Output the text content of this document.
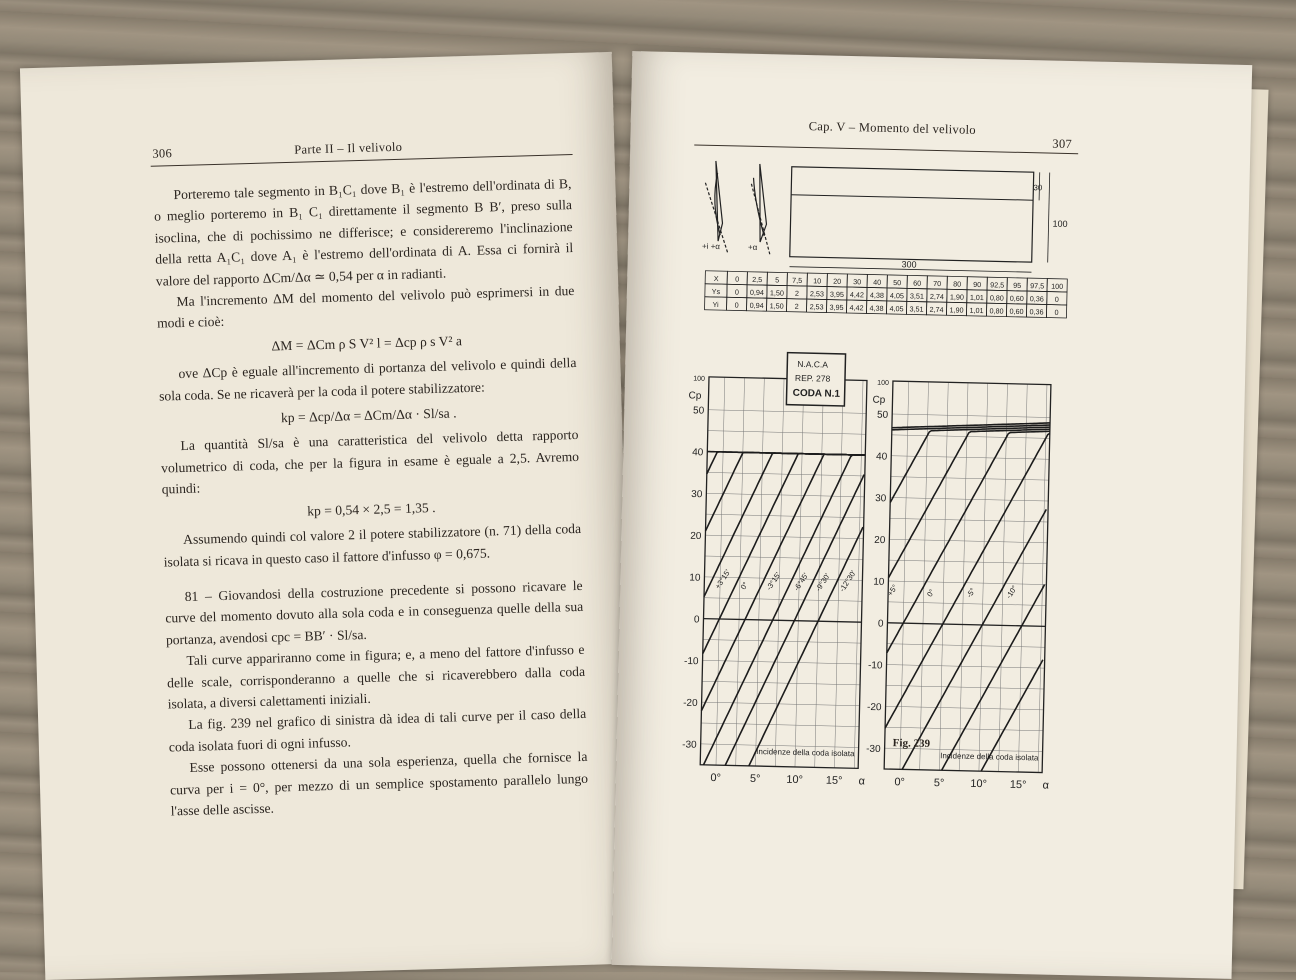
306	Parte II – Il velivolo

Porteremo tale segmento in B₁C₁ dove B₁ è l'estremo dell'ordinata di B, o meglio porteremo in B₁ C₁ direttamente il segmento B B′, preso sulla isoclina, che di pochissimo ne differisce; e considereremo l'inclinazione della retta A₁C₁ dove A₁ è l'estremo dell'ordinata di A. Essa ci fornirà il valore del rapporto ΔCm/Δα ≃ 0,54 per α in radianti.

Ma l'incremento ΔM del momento del velivolo può esprimersi in due modi e cioè:

ΔM = ΔCm ρ S V² l = Δcp ρ s V² a

ove ΔCp è eguale all'incremento di portanza del velivolo e quindi della sola coda. Se ne ricaverà per la coda il potere stabilizzatore:

kp = Δcp/Δα = ΔCm/Δα · Sl/sa .

La quantità Sl/sa è una caratteristica del velivolo detta rapporto volumetrico di coda, che per la figura in esame è eguale a 2,5. Avremo quindi:

kp = 0,54 × 2,5 = 1,35 .

Assumendo quindi col valore 2 il potere stabilizzatore (n. 71) della coda isolata si ricava in questo caso il fattore d'infusso φ = 0,675.

81 – Giovandosi della costruzione precedente si possono ricavare le curve del momento dovuto alla sola coda e in conseguenza quelle della sua portanza, avendosi cpc = BB′ · Sl/sa.

Tali curve appariranno come in figura; e, a meno del fattore d'infusso e delle scale, corrisponderanno a quelle che si ricaverebbero dalla coda isolata, a diversi calettamenti iniziali.

La fig. 239 nel grafico di sinistra dà idea di tali curve per il caso della coda isolata fuori di ogni infusso.

Esse possono ottenersi da una sola esperienza, quella che fornisce la curva per i = 0°, per mezzo di un semplice spostamento parallelo lungo l'asse delle ascisse.

Cap. V – Momento del velivolo
307
+i +α	+α
300
100
30
X 0 2,5 5 7,5 10 20 30 40 50 60 70 80 90 92,5 95 97,5 100
Ys 0 0,94 1,50 2 2,53 3,95 4,42 4,38 4,05 3,51 2,74 1,90 1,01 0,80 0,60 0,36 0
Yi 0 0,94 1,50 2 2,53 3,95 4,42 4,38 4,05 3,51 2,74 1,90 1,01 0,80 0,60 0,36 0
100
50
40
30
20
10
0
-10
-20
-30
Cp
0°	5° 10° 15° α
Incidenze della coda isolata
+3°15' 0° -3°15' -6°45' -9°30' -12°30'
100
50
40
30
20
10
0
-10
-20
-30
Cp
0°	5° 10° 15° α
Incidenze della coda isolata
+5°	0°	-5°	-10°
N.A.C.A
REP. 278
CODA N.1
Fig. 239
